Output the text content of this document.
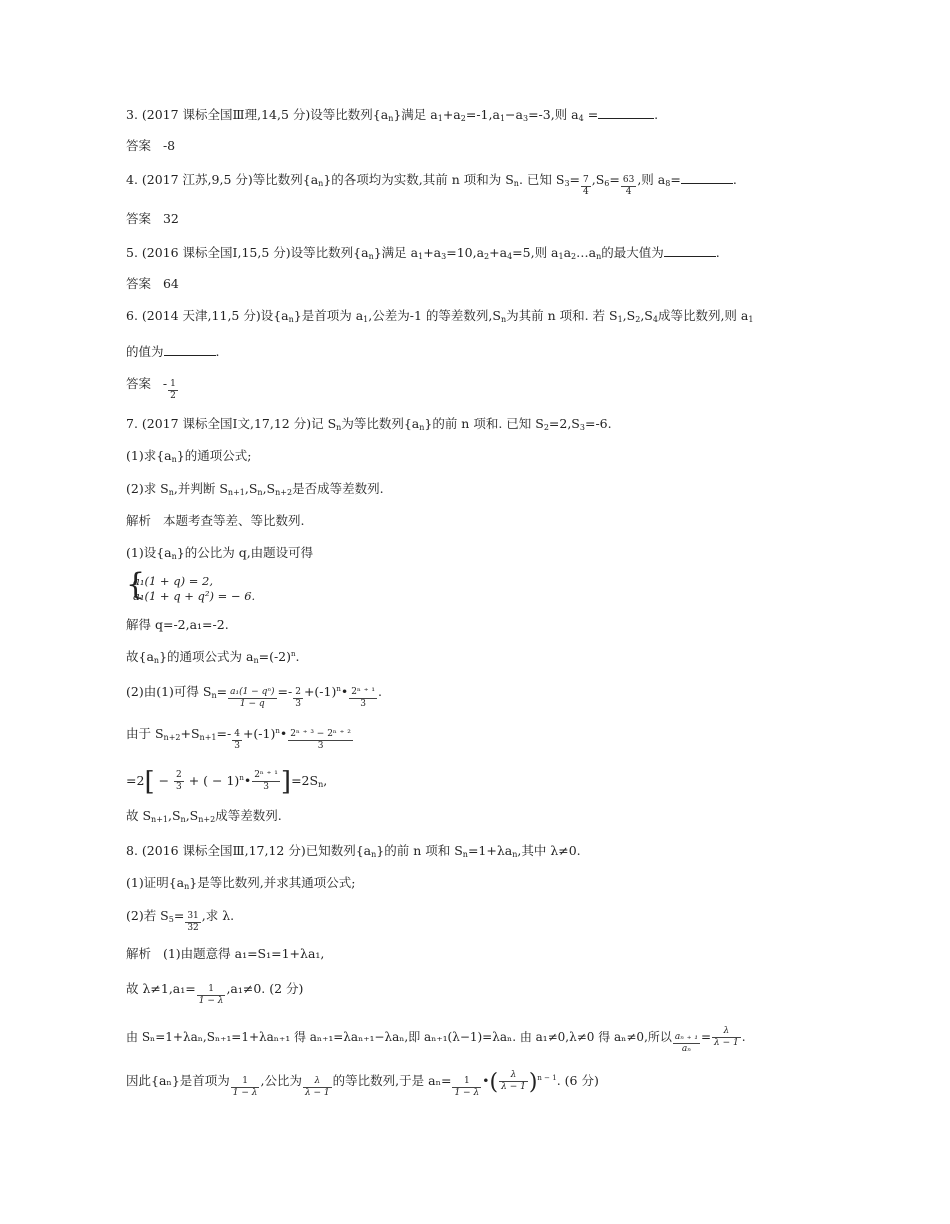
3. (2017 课标全国Ⅲ理,14,5 分)设等比数列$\{a_n\}$满足 $a_1+a_2=-1,a_1-a_3=-3$,则 $a_4$ =	.
答案 -8
4. (2017 江苏,9,5 分)等比数列$\{a_n\}$的各项均为实数,其前 n 项和为 $S_n$. 已知 $S_3= \frac{7}{4} ,S_6= \frac{63}{4}$ ,则 $a_8=$	.
答案 32
5. (2016 课标全国Ⅰ,15,5 分)设等比数列$\{a_n\}$满足 $a_1+a_3=10,a_2+a_4=5$,则 $a_1a_2\dots a_n$的最大值为	.
答案 64
6. (2014 天津,11,5 分)设$\{a_n\}$是首项为 $a_1$,公差为-1 的等差数列$,S_n$为其前 n 项和. 若 $S_1,S_2,S_4$成等比数列,则 $a_1$
的值为	.
答案   - $\frac{1}{2}$
7. (2017 课标全国Ⅰ文,17,12 分)记 $S_n$为等比数列$\{a_n\}$的前 n 项和. 已知 $S_2=2,S_3=-6$.
(1)求$\{a_n\}$的通项公式;
(2)求 $S_n$,并判断 $S_{n+1},S_n,S_{n+2}$是否成等差数列.
解析 本题考查等差、等比数列.
(1)设$\{a_n\}$的公比为 q,由题设可得
{
a₁(1 + q) = 2,
a₁(1 + q + q²) = − 6.
解得 q=-2,a₁=-2.
故$\{a_n\}$的通项公式为 $a_n=(-2)^n$.
(2)由(1)可得 $S_n= \frac{\text{a₁(1 − qⁿ)}}{1 - q} =- \frac{2}{3}$ $+(-1)^n• \frac{\text{2ⁿ ⁺ ¹}}{3}$ .
由于 $S_{n+2}+S_{n+1}=- \frac{4}{3}$ $+(-1)^n• \frac{\text{2ⁿ ⁺ ³ − 2ⁿ ⁺ ²}}{3}$
$=2[ - \frac{2}{3}$ + ( − 1)$^n$• $\frac{\text{2ⁿ ⁺ ¹}}{3} ]=2S_n$,
故 $S_{n+1},S_n,S_{n+2}$成等差数列.
8. (2016 课标全国Ⅲ,17,12 分)已知数列$\{a_n\}$的前 n 项和 $S_n=1+\lambda a_n$,其中 λ≠0.
(1)证明$\{a_n\}$是等比数列,并求其通项公式;
(2)若 $S_5= \frac{31}{32}$ ,求 λ.
解析 (1)由题意得 a₁=S₁=1+λa₁,
故 $\lambda\ne 1,a_1= \frac{1}{1 - \lambda} ,a_1\ne 0$. (2 分)
由 Sₙ=1+λaₙ,Sₙ₊₁=1+λaₙ₊₁ 得 aₙ₊₁=λaₙ₊₁−λaₙ,即 aₙ₊₁(λ−1)=λaₙ. 由 a₁≠0,λ≠0 得 aₙ≠0,所以 $\frac{\text{aₙ ₊ ₁}}{\text{aₙ}} = \frac{\lambda}{\lambda - 1}$ .
因此{aₙ}是首项为 $\frac{1}{1 - \lambda}$ ,公比为 $\frac{\lambda}{\lambda - 1}$ 的等比数列,于是 $a_n= \frac{1}{1 - \lambda}$ •( $\frac{\lambda}{\lambda - 1} )^{n - 1}$. (6 分)
